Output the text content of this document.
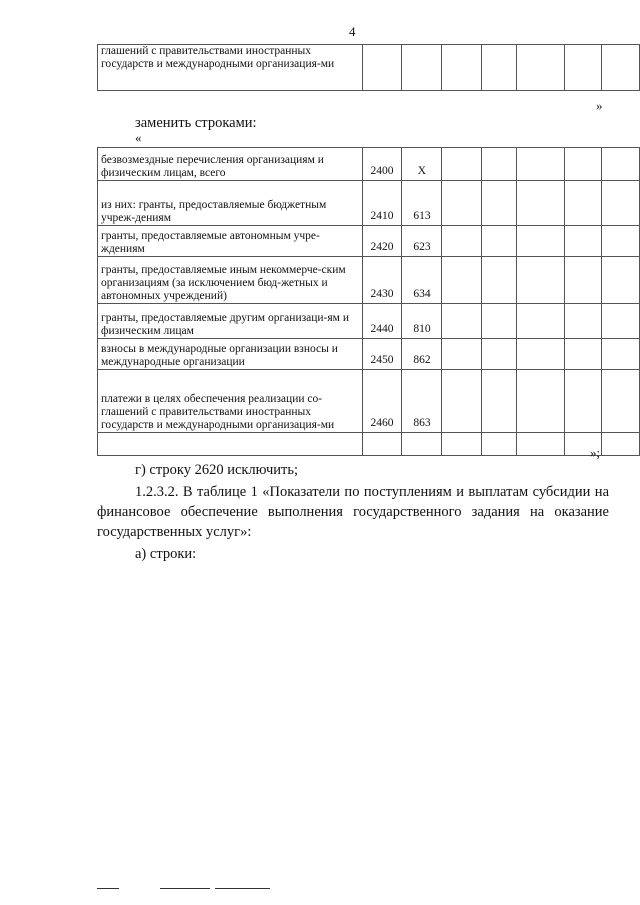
4
глашений с правительствами иностранных государств и международными организация-ми							
»
заменить строками:
«
безвозмездные перечисления организациям и физическим лицам, всего	2400	Х					
из них: гранты, предоставляемые бюджетным учреж-дениям	2410	613					
гранты, предоставляемые автономным учре-ждениям	2420	623					
гранты, предоставляемые иным некоммерче-ским организациям (за исключением бюд-жетных и автономных учреждений)	2430	634					
гранты, предоставляемые другим организаци-ям и физическим лицам	2440	810					
взносы в международные организации взносы и международные организации	2450	862					
платежи в целях обеспечения реализации со-глашений с правительствами иностранных государств и международными организация-ми	2460	863					

»;
г) строку 2620 исключить;
1.2.3.2. В таблице 1 «Показатели по поступлениям и выплатам субсидии на финансовое обеспечение выполнения государственного задания на оказание государственных услуг»:
а) строки:
